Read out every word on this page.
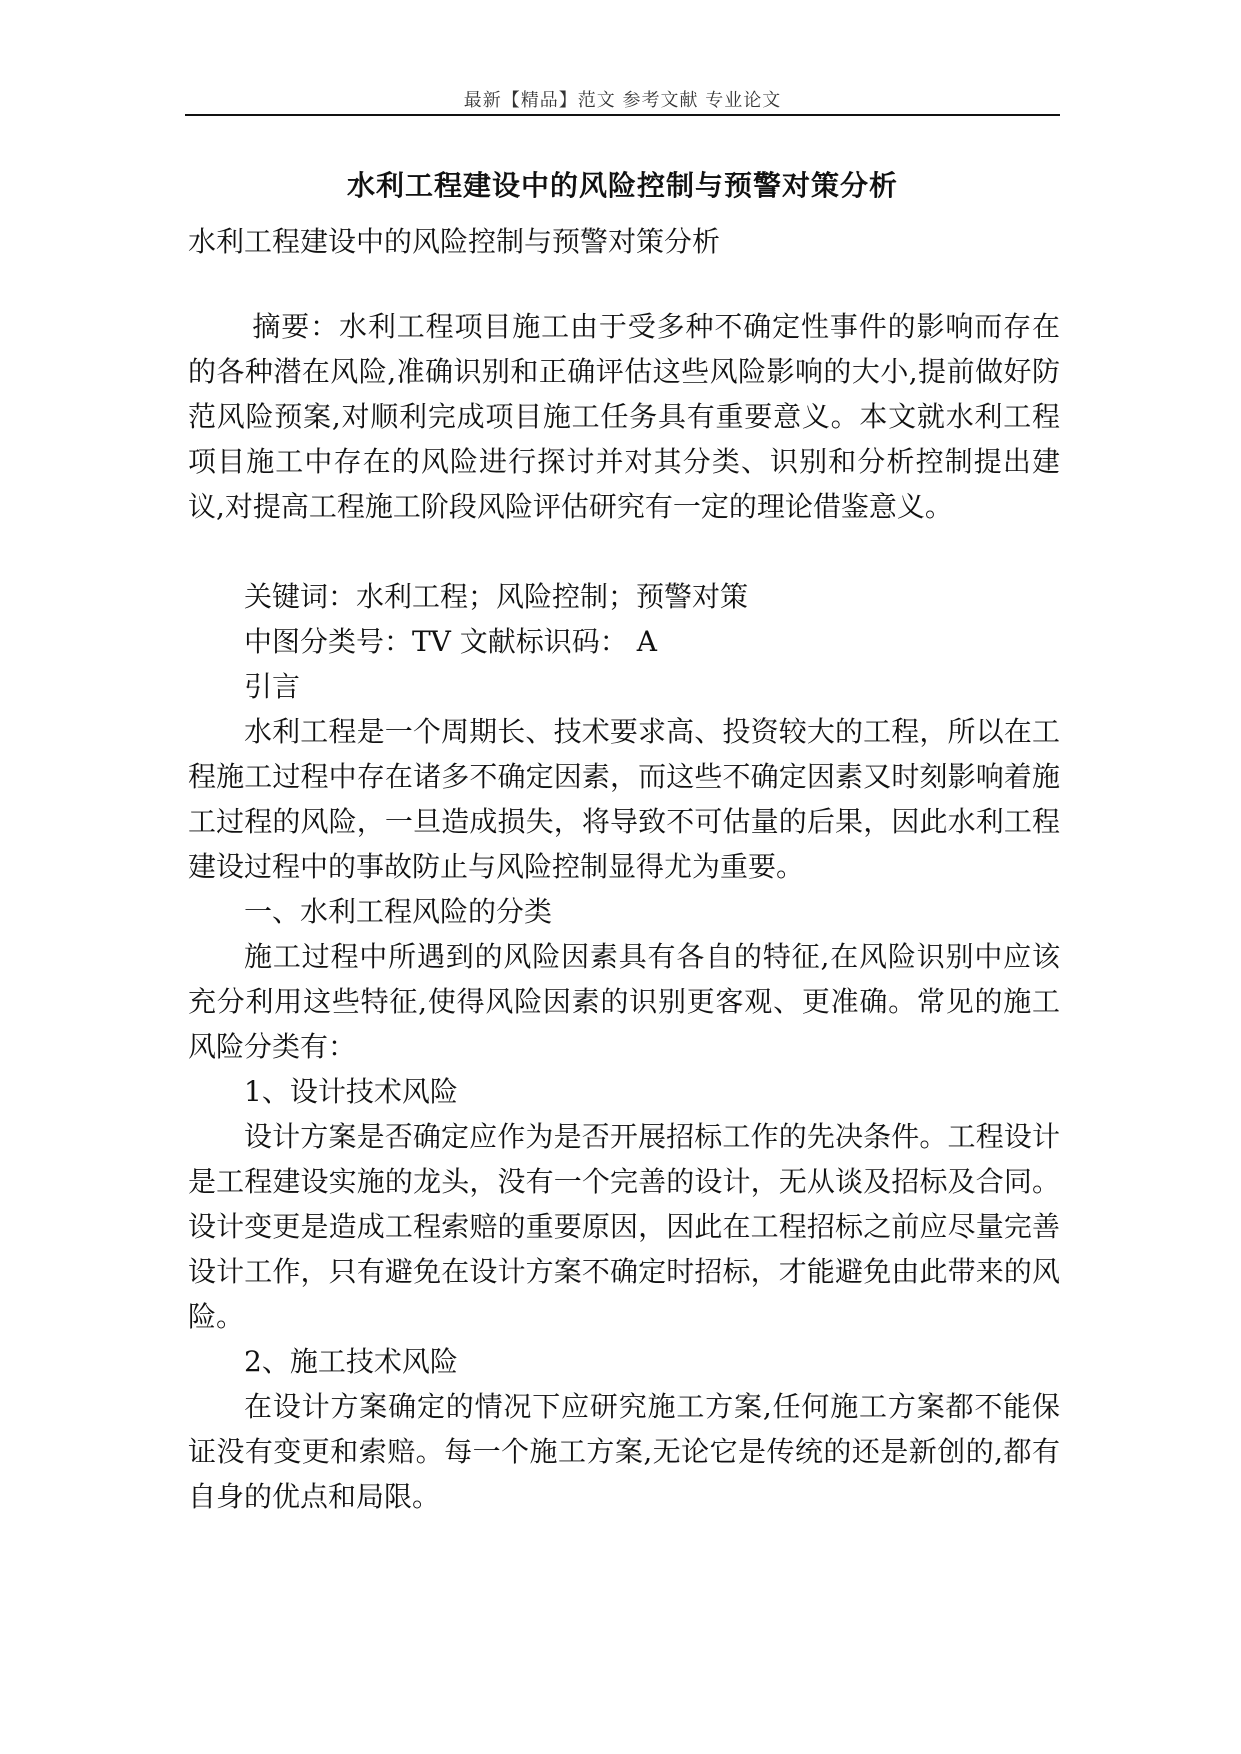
最新【精品】范文 参考文献 专业论文
水利工程建设中的风险控制与预警对策分析

水利工程建设中的风险控制与预警对策分析

摘要：水利工程项目施工由于受多种不确定性事件的影响而存在的各种潜在风险,准确识别和正确评估这些风险影响的大小,提前做好防范风险预案,对顺利完成项目施工任务具有重要意义。本文就水利工程项目施工中存在的风险进行探讨并对其分类、识别和分析控制提出建议,对提高工程施工阶段风险评估研究有一定的理论借鉴意义。

关键词：水利工程；风险控制；预警对策

中图分类号：TV 文献标识码： A

引言

水利工程是一个周期长、技术要求高、投资较大的工程，所以在工程施工过程中存在诸多不确定因素，而这些不确定因素又时刻影响着施工过程的风险，一旦造成损失，将导致不可估量的后果，因此水利工程建设过程中的事故防止与风险控制显得尤为重要。

一、水利工程风险的分类

施工过程中所遇到的风险因素具有各自的特征,在风险识别中应该充分利用这些特征,使得风险因素的识别更客观、更准确。常见的施工风险分类有：

1、设计技术风险

设计方案是否确定应作为是否开展招标工作的先决条件。工程设计是工程建设实施的龙头，没有一个完善的设计，无从谈及招标及合同。设计变更是造成工程索赔的重要原因，因此在工程招标之前应尽量完善设计工作，只有避免在设计方案不确定时招标，才能避免由此带来的风险。

2、施工技术风险

在设计方案确定的情况下应研究施工方案,任何施工方案都不能保证没有变更和索赔。每一个施工方案,无论它是传统的还是新创的,都有自身的优点和局限。
